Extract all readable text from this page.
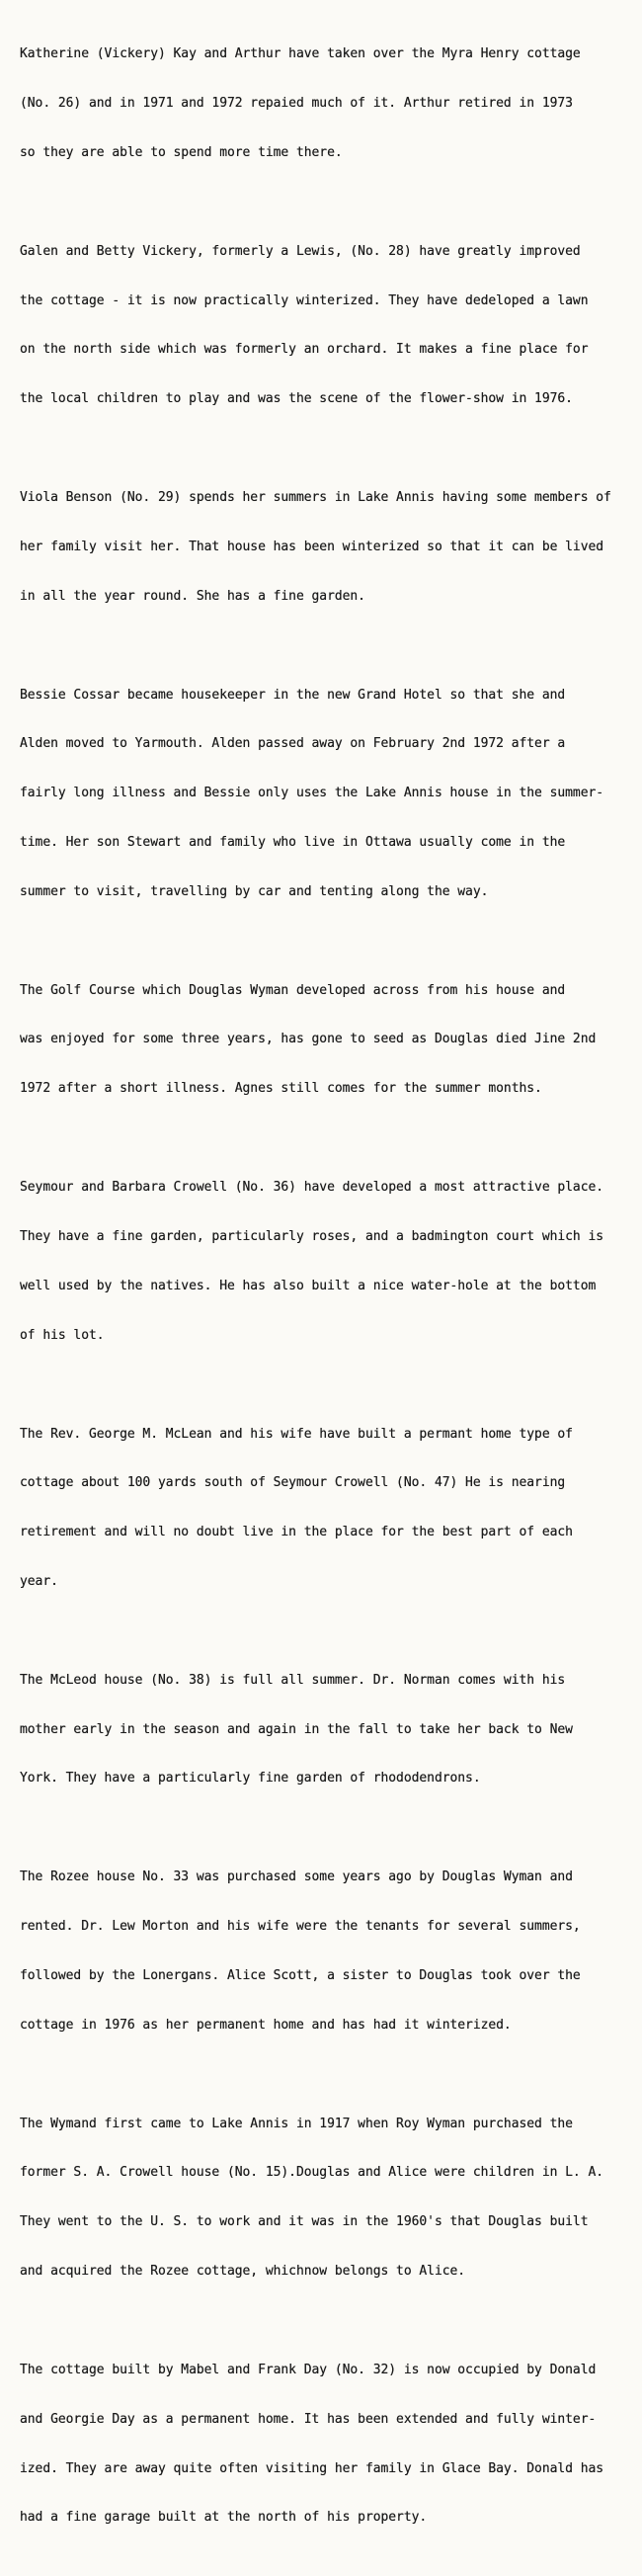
Katherine (Vickery) Kay and Arthur have taken over the Myra Henry cottage

(No. 26) and in 1971 and 1972 repaied much of it. Arthur retired in 1973

so they are able to spend more time there.

Galen and Betty Vickery, formerly a Lewis, (No. 28) have greatly improved

the cottage - it is now practically winterized. They have dedeloped a lawn

on the north side which was formerly an orchard. It makes a fine place for

the local children to play and was the scene of the flower-show in 1976.

Viola Benson (No. 29) spends her summers in Lake Annis having some members of

her family visit her. That house has been winterized so that it can be lived

in all the year round. She has a fine garden.

Bessie Cossar became housekeeper in the new Grand Hotel so that she and

Alden moved to Yarmouth. Alden passed away on February 2nd 1972 after a

fairly long illness and Bessie only uses the Lake Annis house in the summer-

time. Her son Stewart and family who live in Ottawa usually come in the

summer to visit, travelling by car and tenting along the way.

The Golf Course which Douglas Wyman developed across from his house and

was enjoyed for some three years, has gone to seed as Douglas died Jine 2nd

1972 after a short illness. Agnes still comes for the summer months.

Seymour and Barbara Crowell (No. 36) have developed a most attractive place.

They have a fine garden, particularly roses, and a badmington court which is

well used by the natives. He has also built a nice water-hole at the bottom

of his lot.

The Rev. George M. McLean and his wife have built a permant home type of

cottage about 100 yards south of Seymour Crowell (No. 47) He is nearing

retirement and will no doubt live in the place for the best part of each

year.

The McLeod house (No. 38) is full all summer. Dr. Norman comes with his

mother early in the season and again in the fall to take her back to New

York. They have a particularly fine garden of rhododendrons.

The Rozee house No. 33 was purchased some years ago by Douglas Wyman and

rented. Dr. Lew Morton and his wife were the tenants for several summers,

followed by the Lonergans. Alice Scott, a sister to Douglas took over the

cottage in 1976 as her permanent home and has had it winterized.

The Wymand first came to Lake Annis in 1917 when Roy Wyman purchased the

former S. A. Crowell house (No. 15).Douglas and Alice were children in L. A.

They went to the U. S. to work and it was in the 1960's that Douglas built

and acquired the Rozee cottage, whichnow belongs to Alice.

The cottage built by Mabel and Frank Day (No. 32) is now occupied by Donald

and Georgie Day as a permanent home. It has been extended and fully winter-

ized. They are away quite often visiting her family in Glace Bay. Donald has

had a fine garage built at the north of his property.
